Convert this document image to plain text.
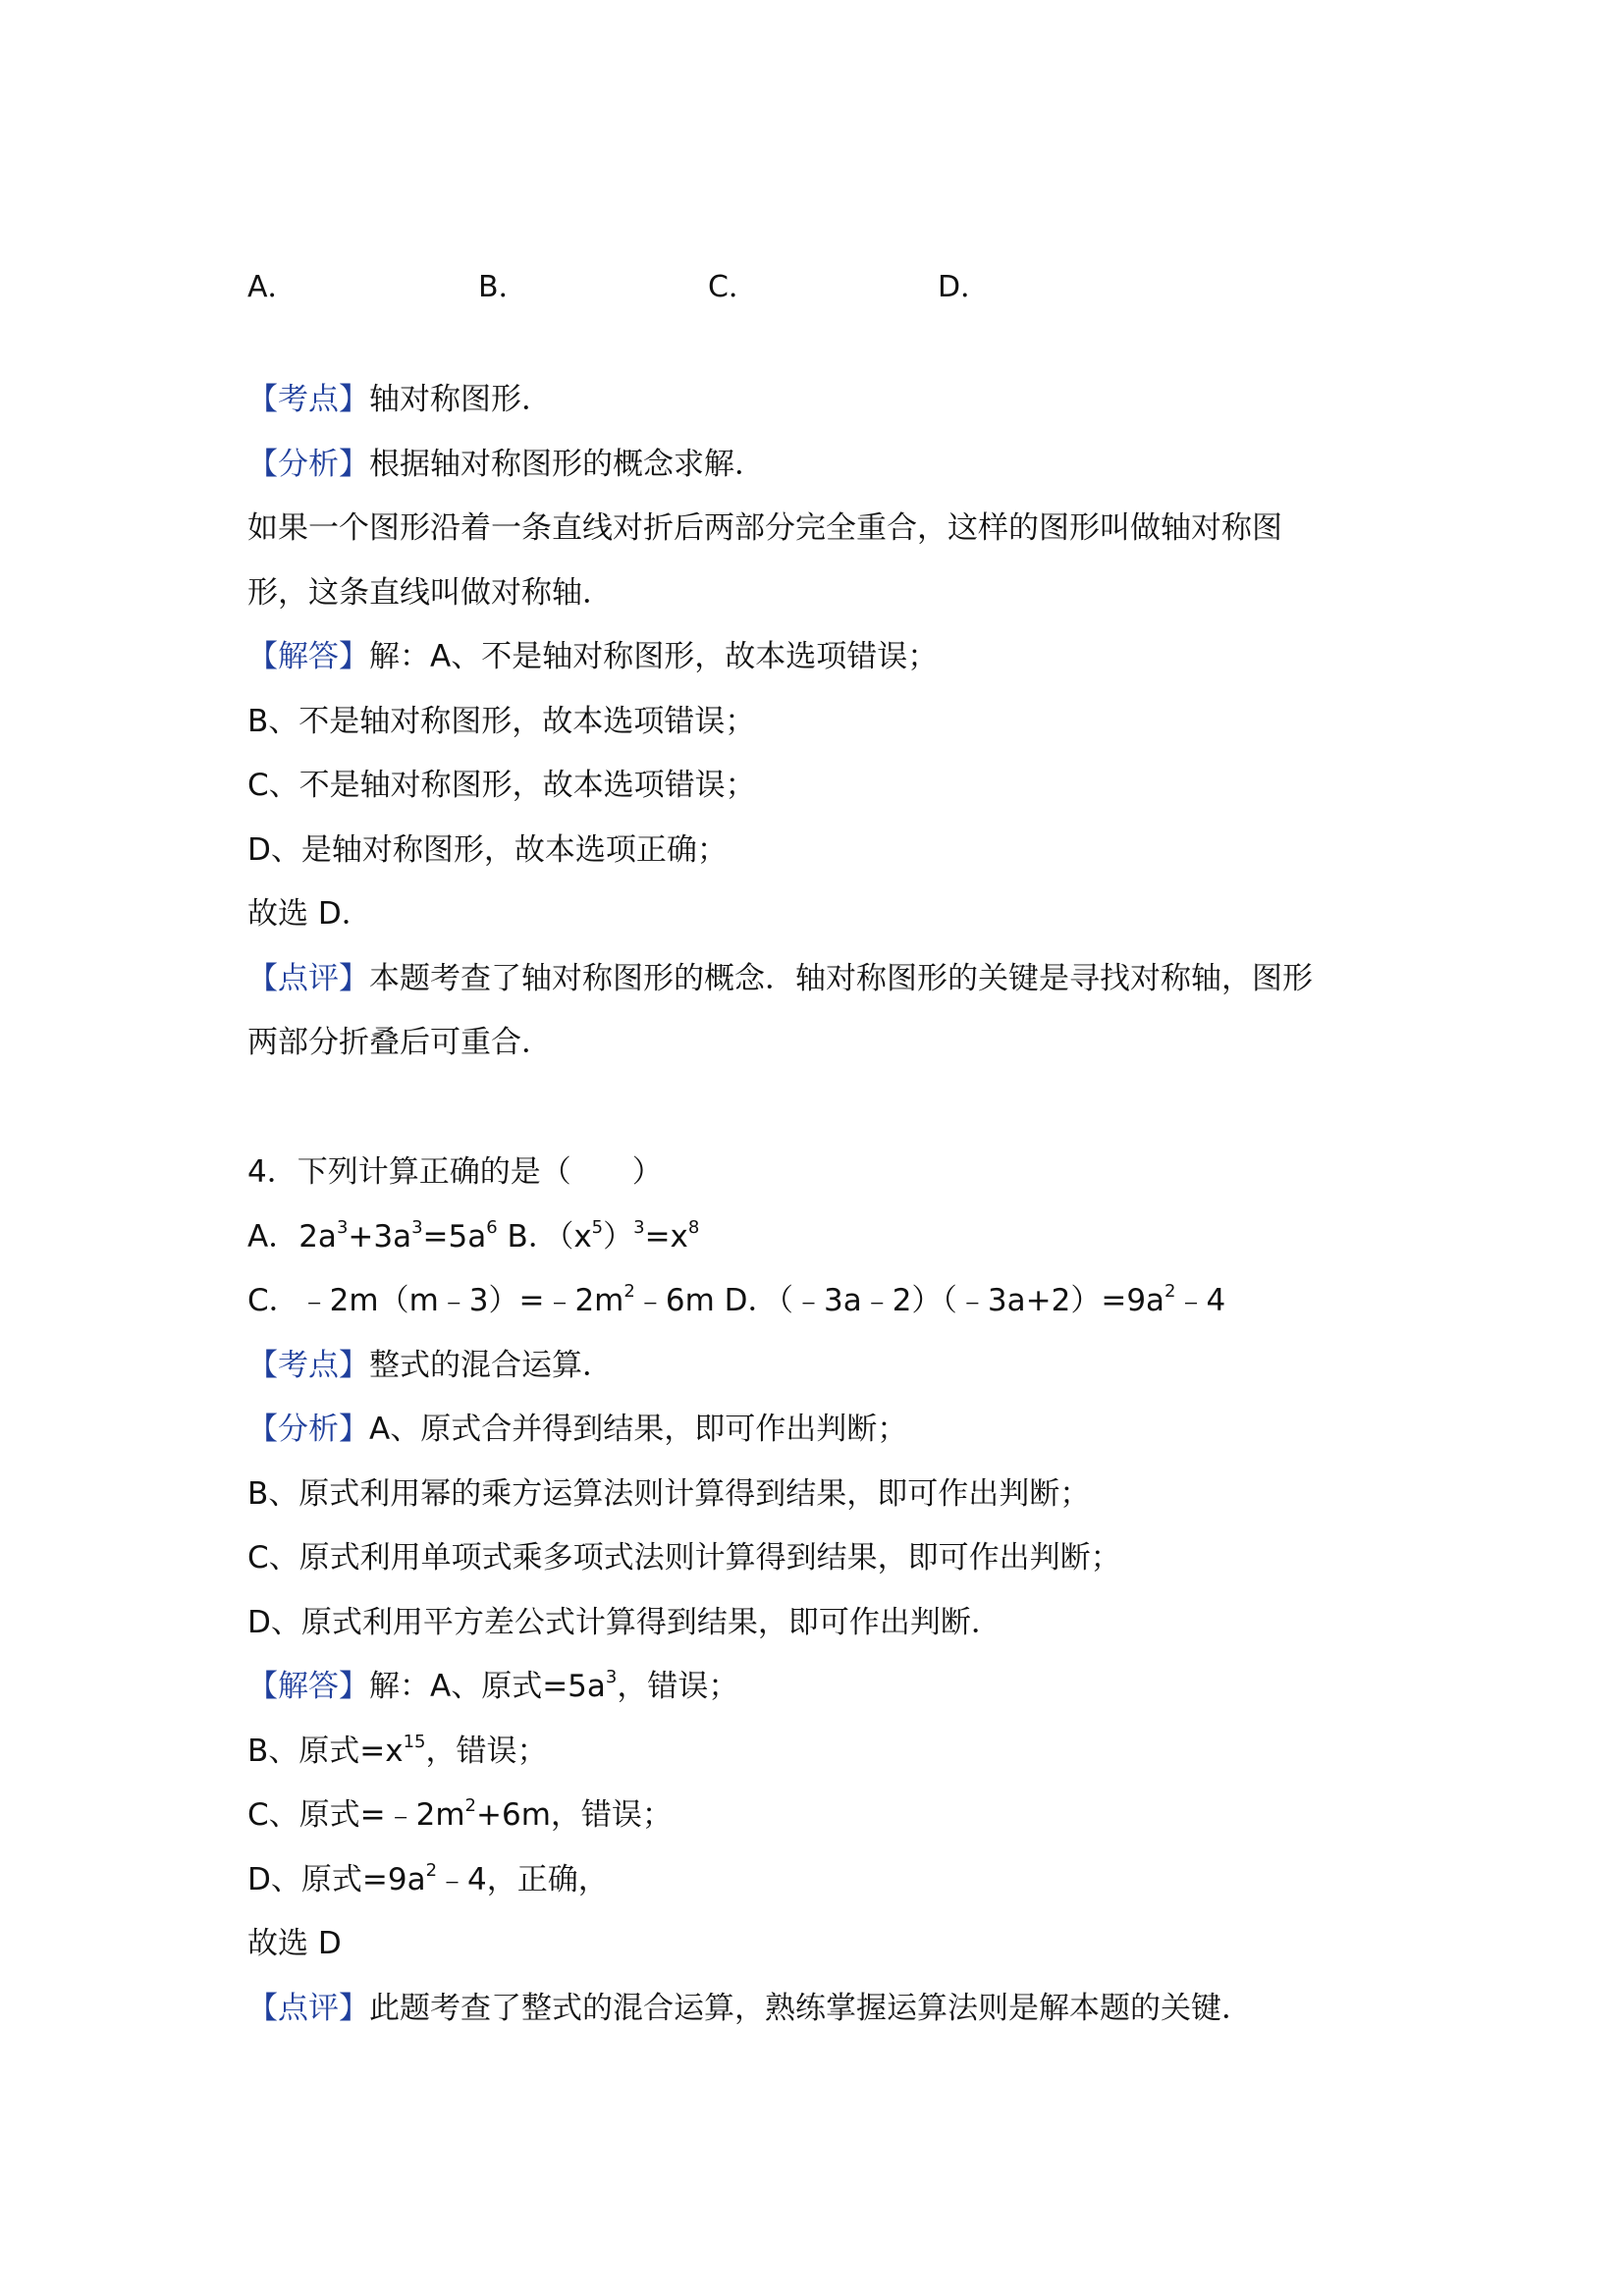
A．	B．	C．	D．
【考点】轴对称图形．
【分析】根据轴对称图形的概念求解．
如果一个图形沿着一条直线对折后两部分完全重合，这样的图形叫做轴对称图
形，这条直线叫做对称轴．
【解答】解：A、不是轴对称图形，故本选项错误；
B、不是轴对称图形，故本选项错误；
C、不是轴对称图形，故本选项错误；
D、是轴对称图形，故本选项正确；
故选 D．
【点评】本题考查了轴对称图形的概念．轴对称图形的关键是寻找对称轴，图形
两部分折叠后可重合．
4．下列计算正确的是（　　）
A．$2a^3+3a^3=5a^6$ B．$(x^5)^3=x^8$
C．$﹣2m(m﹣3)=﹣2m^2﹣6m$ D．$(﹣3a﹣2)(﹣3a+2)=9a^2﹣4$
【考点】整式的混合运算．
【分析】A、原式合并得到结果，即可作出判断；
B、原式利用幂的乘方运算法则计算得到结果，即可作出判断；
C、原式利用单项式乘多项式法则计算得到结果，即可作出判断；
D、原式利用平方差公式计算得到结果，即可作出判断．
【解答】解：A、原式$=5a^3$，错误；
B、原式$=x^{15}$，错误；
C、原式$=﹣2m^2+6m$，错误；
D、原式$=9a^2﹣4$，正确，
故选 D
【点评】此题考查了整式的混合运算，熟练掌握运算法则是解本题的关键．
